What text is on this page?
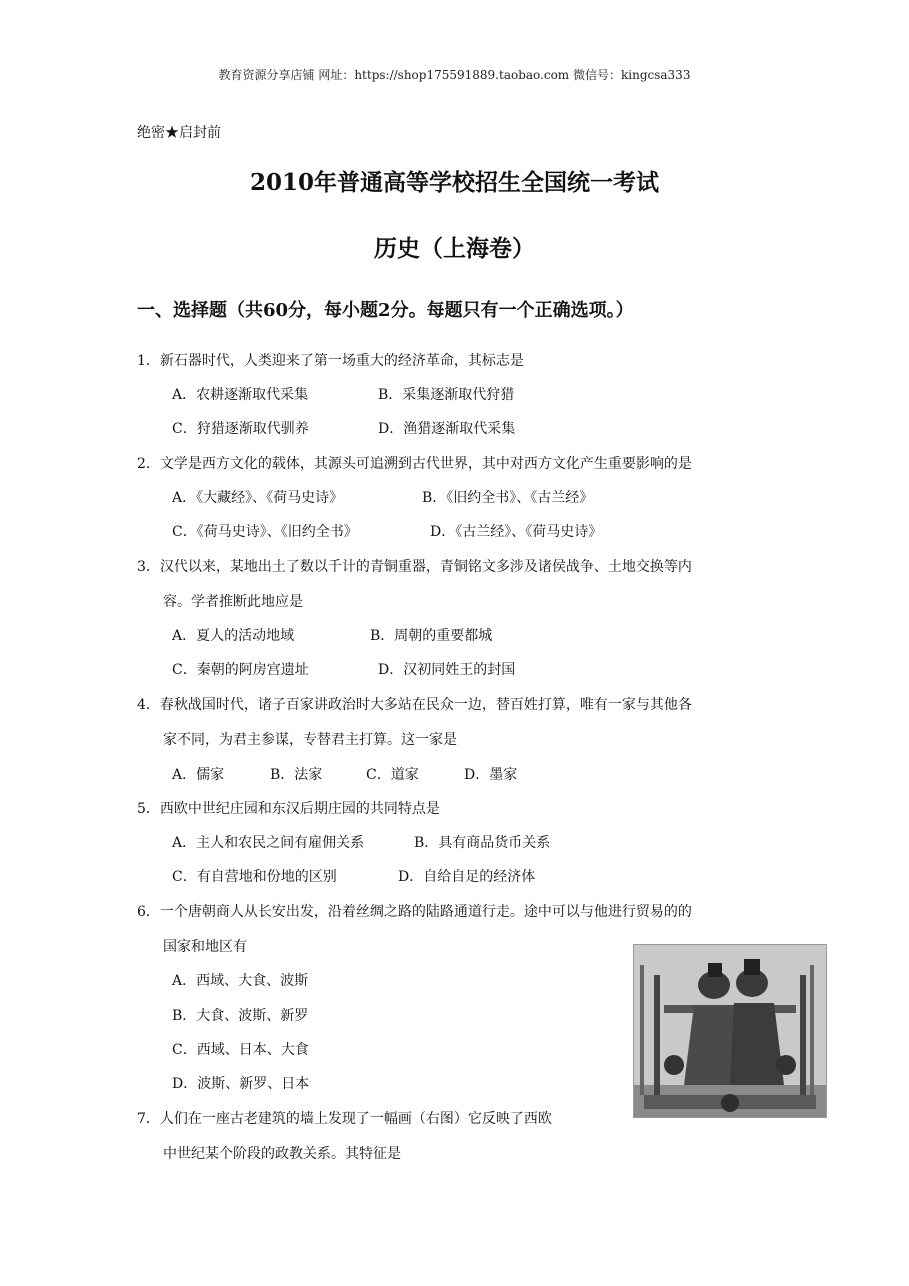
教育资源分享店铺 网址：https://shop175591889.taobao.com 微信号：kingcsa333
绝密★启封前
2010年普通高等学校招生全国统一考试
历史（上海卷）
一、选择题（共60分，每小题2分。每题只有一个正确选项。）
1．新石器时代，人类迎来了第一场重大的经济革命，其标志是
A．农耕逐渐取代采集	B．采集逐渐取代狩猎
C．狩猎逐渐取代驯养	D．渔猎逐渐取代采集
2．文学是西方文化的载体，其源头可追溯到古代世界，其中对西方文化产生重要影响的是
A．《大藏经》、《荷马史诗》	B．《旧约全书》、《古兰经》
C．《荷马史诗》、《旧约全书》	D．《古兰经》、《荷马史诗》
3．汉代以来，某地出土了数以千计的青铜重器，青铜铭文多涉及诸侯战争、土地交换等内
容。学者推断此地应是
A．夏人的活动地域	B．周朝的重要都城
C．秦朝的阿房宫遗址	D．汉初同姓王的封国
4．春秋战国时代，诸子百家讲政治时大多站在民众一边，替百姓打算，唯有一家与其他各
家不同，为君主参谋，专替君主打算。这一家是
A．儒家	B．法家	C．道家	D．墨家
5．西欧中世纪庄园和东汉后期庄园的共同特点是
A．主人和农民之间有雇佣关系	B．具有商品货币关系
C．有自营地和份地的区别	D．自给自足的经济体
6．一个唐朝商人从长安出发，沿着丝绸之路的陆路通道行走。途中可以与他进行贸易的的
国家和地区有
A．西域、大食、波斯
B．大食、波斯、新罗
C．西域、日本、大食
D．波斯、新罗、日本
7．人们在一座古老建筑的墙上发现了一幅画（右图）它反映了西欧
中世纪某个阶段的政教关系。其特征是
